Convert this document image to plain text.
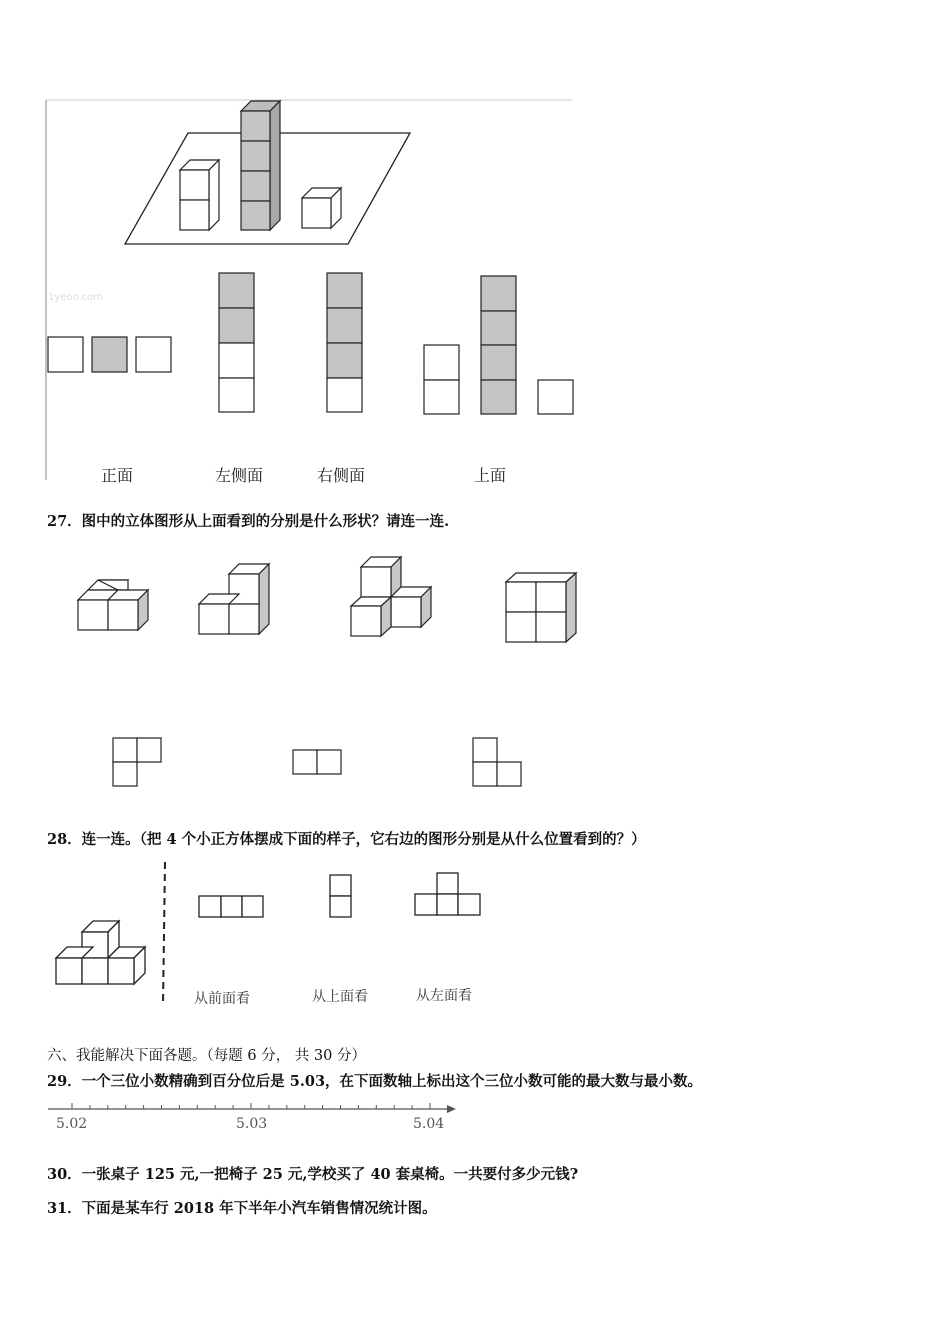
1yeoo.com
正面	左侧面	右侧面	上面
27．图中的立体图形从上面看到的分别是什么形状？请连一连.
28．连一连。（把 4 个小正方体摆成下面的样子，它右边的图形分别是从什么位置看到的？）
从前面看	从上面看	从左面看
六、我能解决下面各题。（每题 6 分， 共 30 分）
29．一个三位小数精确到百分位后是 5.03，在下面数轴上标出这个三位小数可能的最大数与最小数。
5.02	5.03	5.04
30．一张桌子 125 元,一把椅子 25 元,学校买了 40 套桌椅。一共要付多少元钱?
31．下面是某车行 2018 年下半年小汽车销售情况统计图。
